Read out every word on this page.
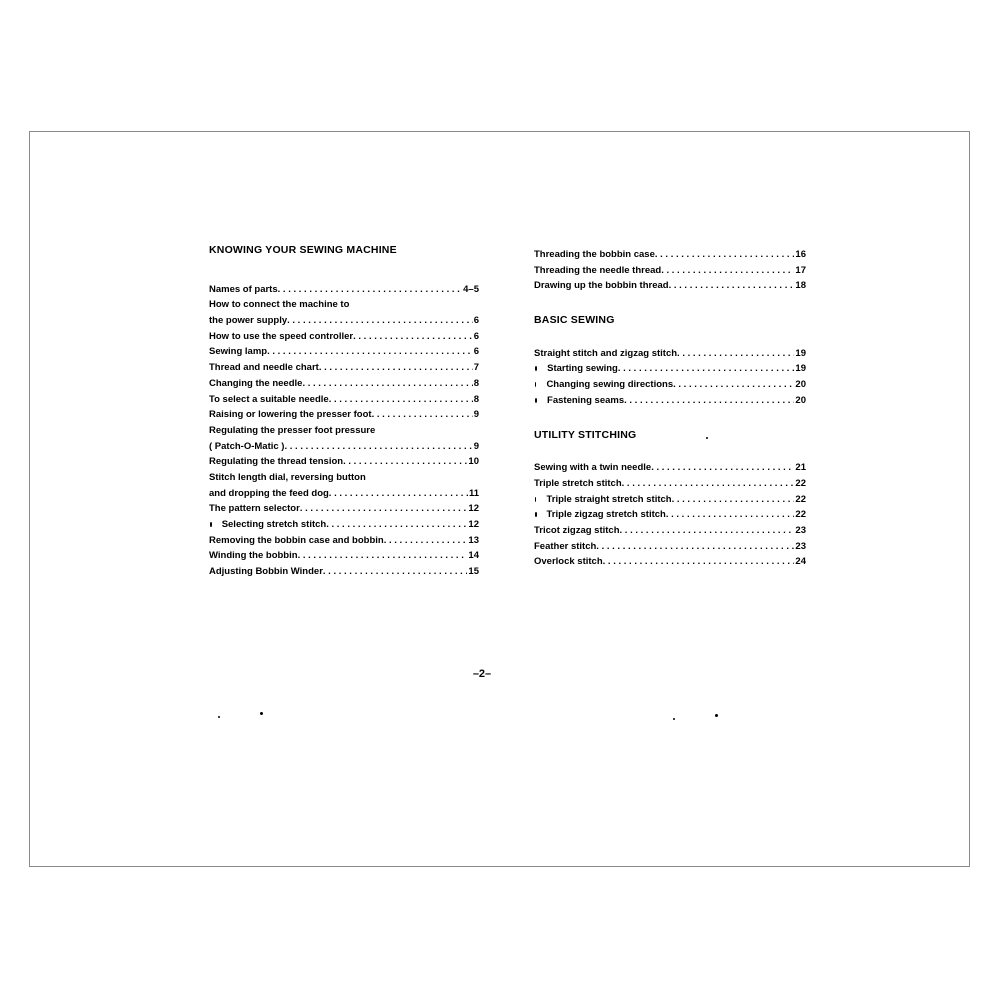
KNOWING YOUR SEWING MACHINE
Names of parts . . .	4–5
How to connect the machine to
the power supply . . .	6
How to use the speed controller . . .	6
Sewing lamp . . .	6
Thread and needle chart . . .	7
Changing the needle . . .	8
To select a suitable needle . . .	8
Raising or lowering the presser foot . . .	9
Regulating the presser foot pressure
( Patch-O-Matic ) . . .	9
Regulating the thread tension . . .	10
Stitch length dial, reversing button
and dropping the feed dog . . .	11
The pattern selector . . .	12
Selecting stretch stitch . . .	12
Removing the bobbin case and bobbin . . .	13
Winding the bobbin . . .	14
Adjusting Bobbin Winder . . .	15
Threading the bobbin case . . .	16
Threading the needle thread . . .	17
Drawing up the bobbin thread . . .	18
BASIC SEWING
Straight stitch and zigzag stitch . . .	19
Starting sewing . . .	19
Changing sewing directions . . .	20
Fastening seams . . .	20
UTILITY STITCHING
Sewing with a twin needle . . .	21
Triple stretch stitch . . .	22
Triple straight stretch stitch . . .	22
Triple zigzag stretch stitch . . .	22
Tricot zigzag stitch . . .	23
Feather stitch . . .	23
Overlock stitch . . .	24
–2–
